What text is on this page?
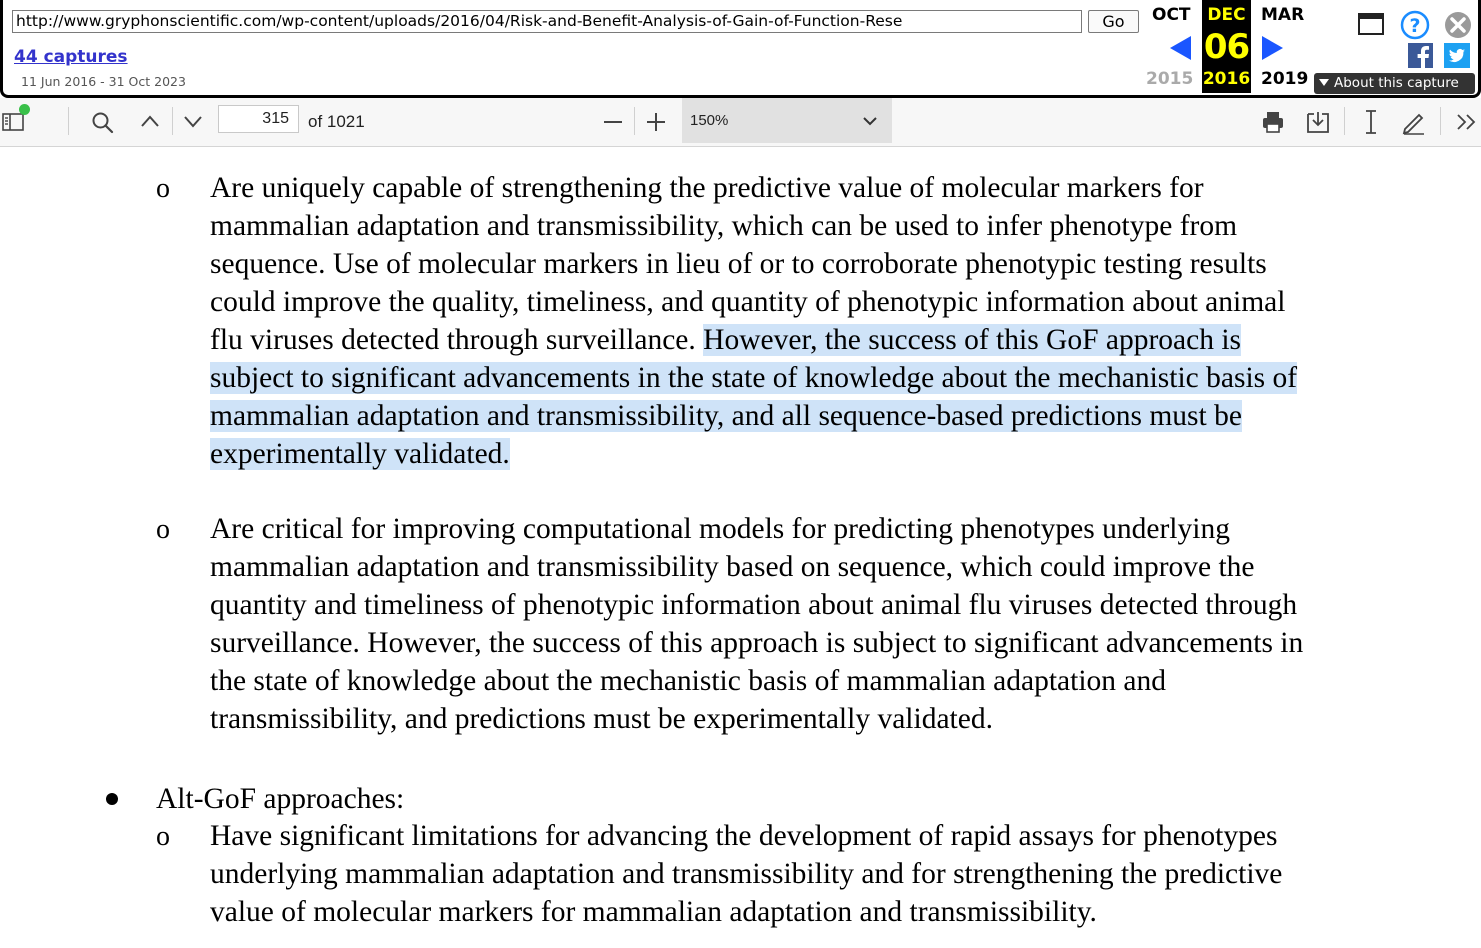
http://www.gryphonscientific.com/wp-content/uploads/2016/04/Risk-and-Benefit-Analysis-of-Gain-of-Function-Rese	Go
44 captures
11 Jun 2016 - 31 Oct 2023
OCT
2015
DEC
06
2016
MAR
2019
?
About this capture
315	of 1021	150%
o Are uniquely capable of strengthening the predictive value of molecular markers for
mammalian adaptation and transmissibility, which can be used to infer phenotype from
sequence. Use of molecular markers in lieu of or to corroborate phenotypic testing results
could improve the quality, timeliness, and quantity of phenotypic information about animal
flu viruses detected through surveillance. However, the success of this GoF approach is
subject to significant advancements in the state of knowledge about the mechanistic basis of
mammalian adaptation and transmissibility, and all sequence-based predictions must be
experimentally validated.
o Are critical for improving computational models for predicting phenotypes underlying
mammalian adaptation and transmissibility based on sequence, which could improve the
quantity and timeliness of phenotypic information about animal flu viruses detected through
surveillance. However, the success of this approach is subject to significant advancements in
the state of knowledge about the mechanistic basis of mammalian adaptation and
transmissibility, and predictions must be experimentally validated.
Alt-GoF approaches:
o Have significant limitations for advancing the development of rapid assays for phenotypes
underlying mammalian adaptation and transmissibility and for strengthening the predictive
value of molecular markers for mammalian adaptation and transmissibility.
